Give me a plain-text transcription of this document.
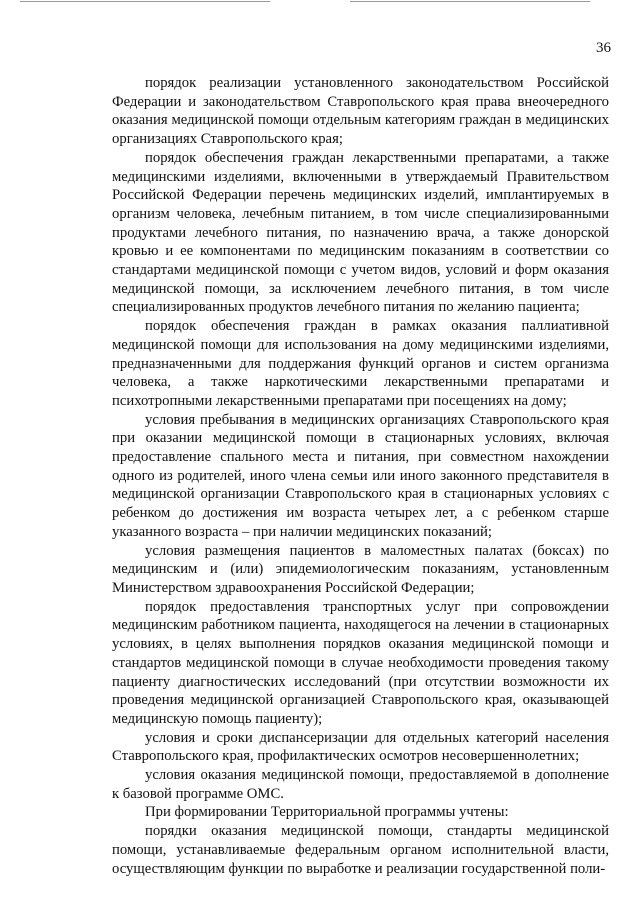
36

порядок реализации установленного законодательством Российской Федерации и законодательством Ставропольского края права внеочередного оказания медицинской помощи отдельным категориям граждан в медицинских организациях Ставропольского края;

порядок обеспечения граждан лекарственными препаратами, а также медицинскими изделиями, включенными в утверждаемый Правительством Российской Федерации перечень медицинских изделий, имплантируемых в организм человека, лечебным питанием, в том числе специализированными продуктами лечебного питания, по назначению врача, а также донорской кровью и ее компонентами по медицинским показаниям в соответствии со стандартами медицинской помощи с учетом видов, условий и форм оказания медицинской помощи, за исключением лечебного питания, в том числе специализированных продуктов лечебного питания по желанию пациента;

порядок обеспечения граждан в рамках оказания паллиативной медицинской помощи для использования на дому медицинскими изделиями, предназначенными для поддержания функций органов и систем организма человека, а также наркотическими лекарственными препаратами и психотропными лекарственными препаратами при посещениях на дому;

условия пребывания в медицинских организациях Ставропольского края при оказании медицинской помощи в стационарных условиях, включая предоставление спального места и питания, при совместном нахождении одного из родителей, иного члена семьи или иного законного представителя в медицинской организации Ставропольского края в стационарных условиях с ребенком до достижения им возраста четырех лет, а с ребенком старше указанного возраста – при наличии медицинских показаний;

условия размещения пациентов в маломестных палатах (боксах) по медицинским и (или) эпидемиологическим показаниям, установленным Министерством здравоохранения Российской Федерации;

порядок предоставления транспортных услуг при сопровождении медицинским работником пациента, находящегося на лечении в стационарных условиях, в целях выполнения порядков оказания медицинской помощи и стандартов медицинской помощи в случае необходимости проведения такому пациенту диагностических исследований (при отсутствии возможности их проведения медицинской организацией Ставропольского края, оказывающей медицинскую помощь пациенту);

условия и сроки диспансеризации для отдельных категорий населения Ставропольского края, профилактических осмотров несовершеннолетних;

условия оказания медицинской помощи, предоставляемой в дополнение к базовой программе ОМС.

При формировании Территориальной программы учтены:

порядки оказания медицинской помощи, стандарты медицинской помощи, устанавливаемые федеральным органом исполнительной власти, осуществляющим функции по выработке и реализации государственной поли-
